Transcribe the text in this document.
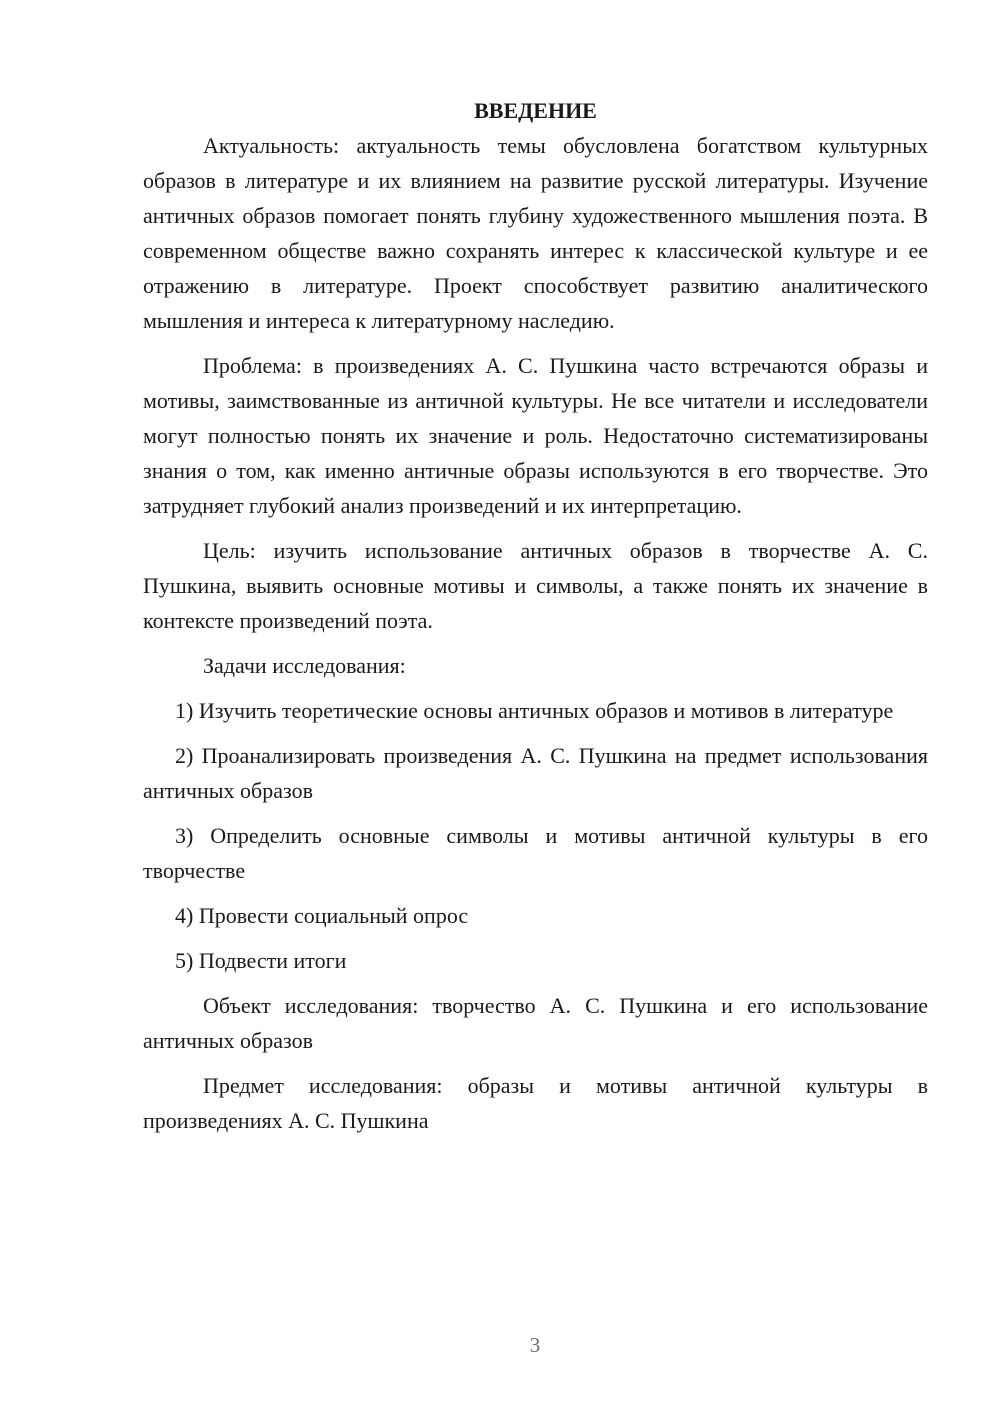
ВВЕДЕНИЕ

Актуальность: актуальность темы обусловлена богатством культурных образов в литературе и их влиянием на развитие русской литературы. Изучение античных образов помогает понять глубину художественного мышления поэта. В современном обществе важно сохранять интерес к классической культуре и ее отражению в литературе. Проект способствует развитию аналитического мышления и интереса к литературному наследию.

Проблема: в произведениях А. С. Пушкина часто встречаются образы и мотивы, заимствованные из античной культуры. Не все читатели и исследователи могут полностью понять их значение и роль. Недостаточно систематизированы знания о том, как именно античные образы используются в его творчестве. Это затрудняет глубокий анализ произведений и их интерпретацию.

Цель: изучить использование античных образов в творчестве А. С. Пушкина, выявить основные мотивы и символы, а также понять их значение в контексте произведений поэта.

Задачи исследования:

1) Изучить теоретические основы античных образов и мотивов в литературе

2) Проанализировать произведения А. С. Пушкина на предмет использования античных образов

3) Определить основные символы и мотивы античной культуры в его творчестве

4) Провести социальный опрос

5) Подвести итоги

Объект исследования: творчество А. С. Пушкина и его использование античных образов

Предмет исследования: образы и мотивы античной культуры в произведениях А. С. Пушкина

3
